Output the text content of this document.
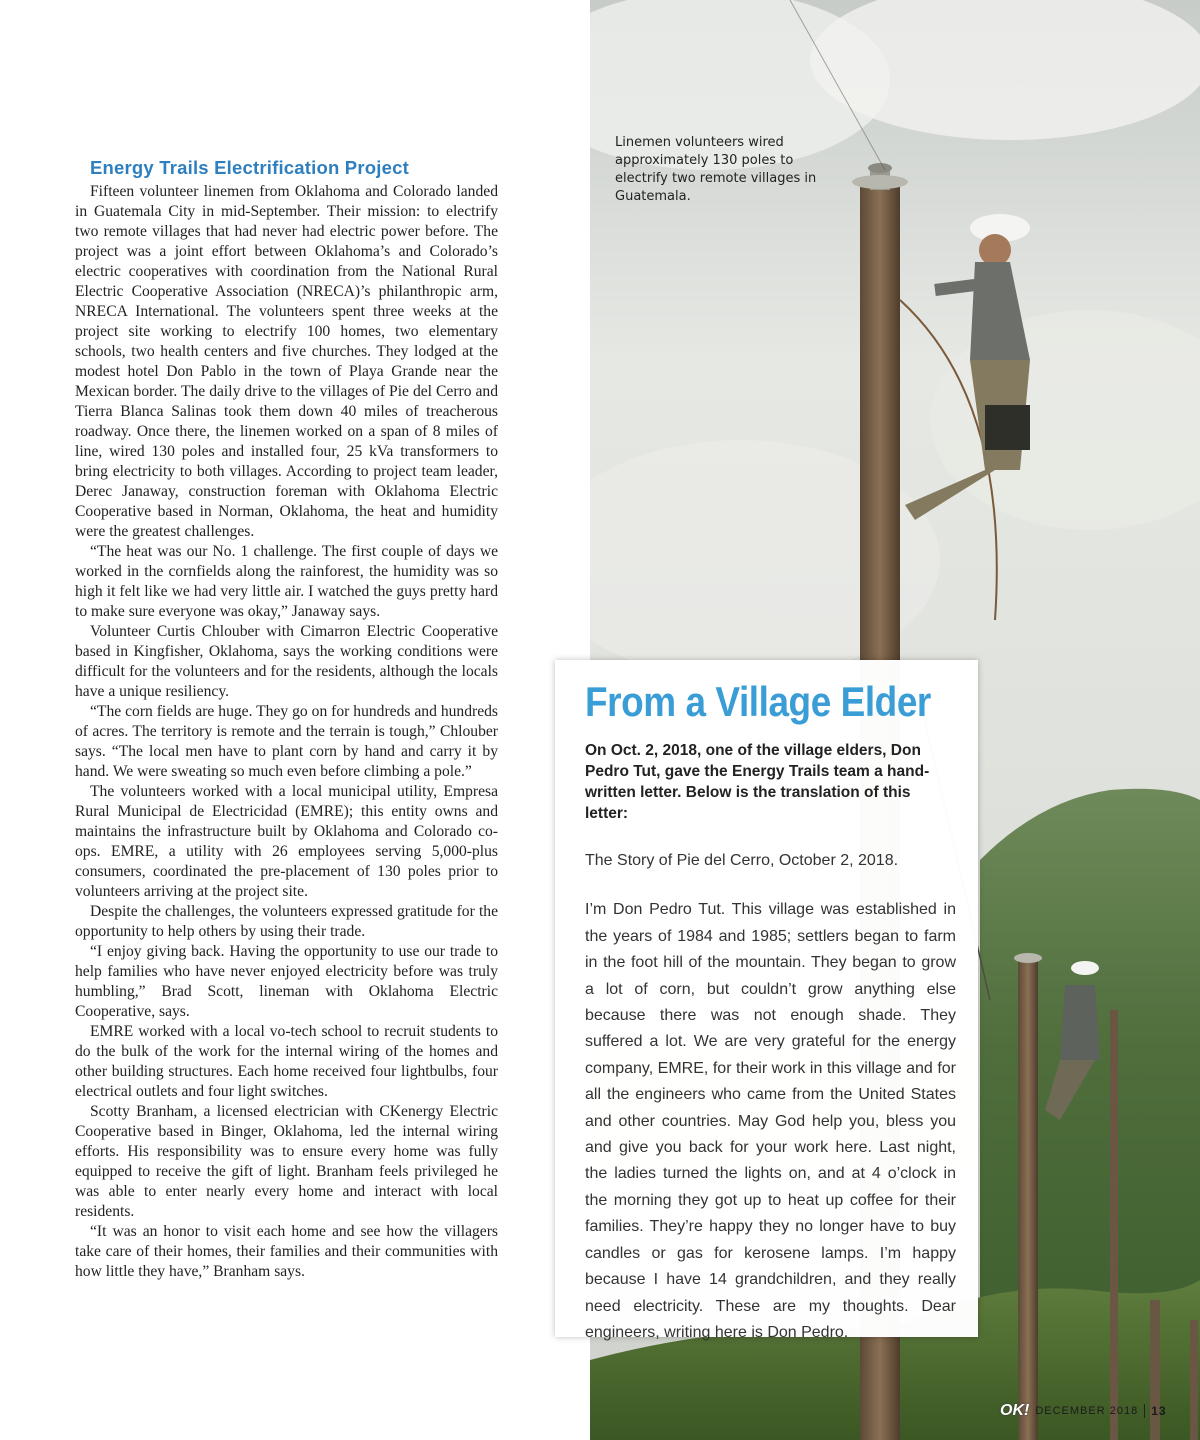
Energy Trails Electrification Project

Fifteen volunteer linemen from Oklahoma and Colorado landed in Guatemala City in mid-September. Their mission: to electrify two remote villages that had never had electric power before. The project was a joint effort between Oklahoma’s and Colorado’s electric cooperatives with coordination from the National Rural Electric Cooperative Association (NRECA)’s philanthropic arm, NRECA International. The volunteers spent three weeks at the project site working to electrify 100 homes, two elementary schools, two health centers and five churches. They lodged at the modest hotel Don Pablo in the town of Playa Grande near the Mexican border. The daily drive to the villages of Pie del Cerro and Tierra Blanca Salinas took them down 40 miles of treacherous roadway. Once there, the linemen worked on a span of 8 miles of line, wired 130 poles and installed four, 25 kVa transformers to bring electricity to both villages. According to project team leader, Derec Janaway, construction foreman with Oklahoma Electric Cooperative based in Norman, Oklahoma, the heat and humidity were the greatest challenges.

“The heat was our No. 1 challenge. The first couple of days we worked in the cornfields along the rainforest, the humidity was so high it felt like we had very little air. I watched the guys pretty hard to make sure everyone was okay,” Janaway says.

Volunteer Curtis Chlouber with Cimarron Electric Cooperative based in Kingfisher, Oklahoma, says the working conditions were difficult for the volunteers and for the residents, although the locals have a unique resiliency.

“The corn fields are huge. They go on for hundreds and hundreds of acres. The territory is remote and the terrain is tough,” Chlouber says. “The local men have to plant corn by hand and carry it by hand. We were sweating so much even before climbing a pole.”

The volunteers worked with a local municipal utility, Empresa Rural Municipal de Electricidad (EMRE); this entity owns and maintains the infrastructure built by Oklahoma and Colorado co-ops. EMRE, a utility with 26 employees serving 5,000-plus consumers, coordinated the pre-placement of 130 poles prior to volunteers arriving at the project site.

Despite the challenges, the volunteers expressed gratitude for the opportunity to help others by using their trade.

“I enjoy giving back. Having the opportunity to use our trade to help families who have never enjoyed electricity before was truly humbling,” Brad Scott, lineman with Oklahoma Electric Cooperative, says.

EMRE worked with a local vo-tech school to recruit students to do the bulk of the work for the internal wiring of the homes and other building structures. Each home received four lightbulbs, four electrical outlets and four light switches.

Scotty Branham, a licensed electrician with CKenergy Electric Cooperative based in Binger, Oklahoma, led the internal wiring efforts. His responsibility was to ensure every home was fully equipped to receive the gift of light. Branham feels privileged he was able to enter nearly every home and interact with local residents.

“It was an honor to visit each home and see how the villagers take care of their homes, their families and their communities with how little they have,” Branham says.

Linemen volunteers wired approximately 130 poles to electrify two remote villages in Guatemala.
From a Village Elder

On Oct. 2, 2018, one of the village elders, Don Pedro Tut, gave the Energy Trails team a hand-written letter. Below is the translation of this letter:

The Story of Pie del Cerro, October 2, 2018.

I’m Don Pedro Tut. This village was established in the years of 1984 and 1985; settlers began to farm in the foot hill of the mountain. They began to grow a lot of corn, but couldn’t grow anything else because there was not enough shade. They suffered a lot. We are very grateful for the energy company, EMRE, for their work in this village and for all the engineers who came from the United States and other countries. May God help you, bless you and give you back for your work here. Last night, the ladies turned the lights on, and at 4 o’clock in the morning they got up to heat up coffee for their families. They’re happy they no longer have to buy candles or gas for kerosene lamps. I’m happy because I have 14 grandchildren, and they really need electricity. These are my thoughts. Dear engineers, writing here is Don Pedro.

OK! DECEMBER 2018 13
